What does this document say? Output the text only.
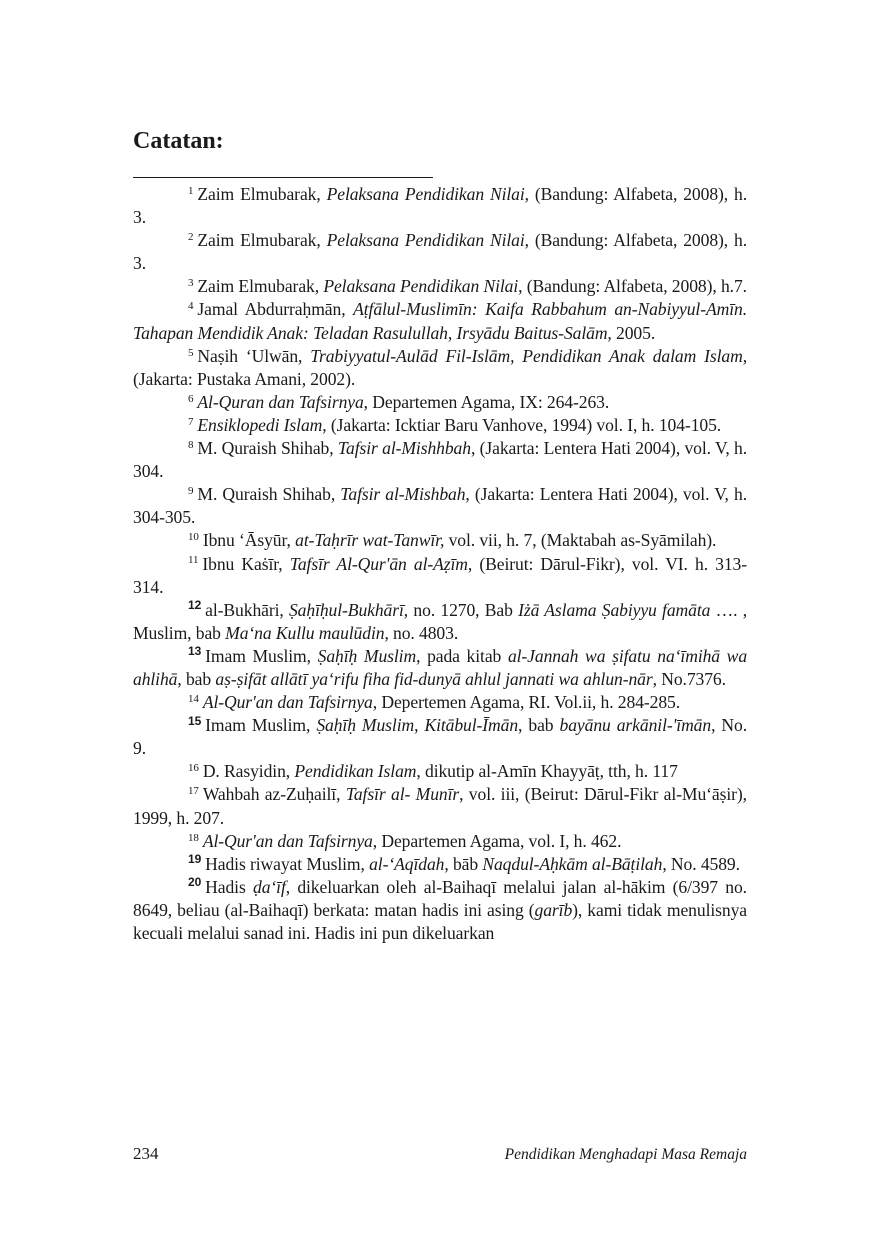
Catatan:

$^1$ Zaim Elmubarak, Pelaksana Pendidikan Nilai, (Bandung: Alfabeta, 2008), h. 3.

$^2$ Zaim Elmubarak, Pelaksana Pendidikan Nilai, (Bandung: Alfabeta, 2008), h. 3.

$^3$ Zaim Elmubarak, Pelaksana Pendidikan Nilai, (Bandung: Alfabeta, 2008), h.7.

$^4$ Jamal Abdurraḥmān, Aṭfālul-Muslimīn: Kaifa Rabbahum an-Nabiyyul-Amīn. Tahapan Mendidik Anak: Teladan Rasulullah, Irsyādu Baitus-Salām, 2005.

$^5$ Naṣih ‘Ulwān, Trabiyyatul-Aulād Fil-Islām, Pendidikan Anak dalam Islam, (Jakarta: Pustaka Amani, 2002).

$^6$ Al-Quran dan Tafsirnya, Departemen Agama, IX: 264-263.

$^7$ Ensiklopedi Islam, (Jakarta: Icktiar Baru Vanhove, 1994) vol. I, h. 104-105.

$^8$ M. Quraish Shihab, Tafsir al-Mishhbah, (Jakarta: Lentera Hati 2004), vol. V, h. 304.

$^9$ M. Quraish Shihab, Tafsir al-Mishbah, (Jakarta: Lentera Hati 2004), vol. V, h. 304-305.

$^{10}$ Ibnu ‘Āsyūr, at-Taḥrīr wat-Tanwīr, vol. vii, h. 7, (Maktabah as-Syāmilah).

$^{11}$ Ibnu Kaṡīr, Tafsīr Al-Qur'ān al-Aẓīm, (Beirut: Dārul-Fikr), vol. VI. h. 313-314.

$^{12}$ al-Bukhāri, Ṣaḥīḥul-Bukhārī, no. 1270, Bab Iżā Aslama Ṣabiyyu famāta …. , Muslim, bab Ma‘na Kullu maulūdin, no. 4803.

$^{13}$ Imam Muslim, Ṣaḥīḥ Muslim, pada kitab al-Jannah wa ṣifatu na‘īmihā wa ahlihā, bab aṣ-ṣifāt allātī ya‘rifu fiha fid-dunyā ahlul jannati wa ahlun-nār, No.7376.

$^{14}$ Al-Qur'an dan Tafsirnya, Depertemen Agama, RI. Vol.ii, h. 284-285.

$^{15}$ Imam Muslim, Ṣaḥīḥ Muslim, Kitābul-Īmān, bab bayānu arkānil-'īmān, No. 9.

$^{16}$ D. Rasyidin, Pendidikan Islam, dikutip al-Amīn Khayyāṭ, tth, h. 117

$^{17}$ Wahbah az-Zuḥailī, Tafsīr al- Munīr, vol. iii, (Beirut: Dārul-Fikr al-Mu‘āṣir), 1999, h. 207.

$^{18}$ Al-Qur'an dan Tafsirnya, Departemen Agama, vol. I, h. 462.

$^{19}$ Hadis riwayat Muslim, al-‘Aqīdah, bāb Naqdul-Aḥkām al-Bāṭilah, No. 4589.

$^{20}$ Hadis ḍa‘īf, dikeluarkan oleh al-Baihaqī melalui jalan al-hākim (6/397 no. 8649, beliau (al-Baihaqī) berkata: matan hadis ini asing (garīb), kami tidak menulisnya kecuali melalui sanad ini. Hadis ini pun dikeluarkan

234	Pendidikan Menghadapi Masa Remaja
